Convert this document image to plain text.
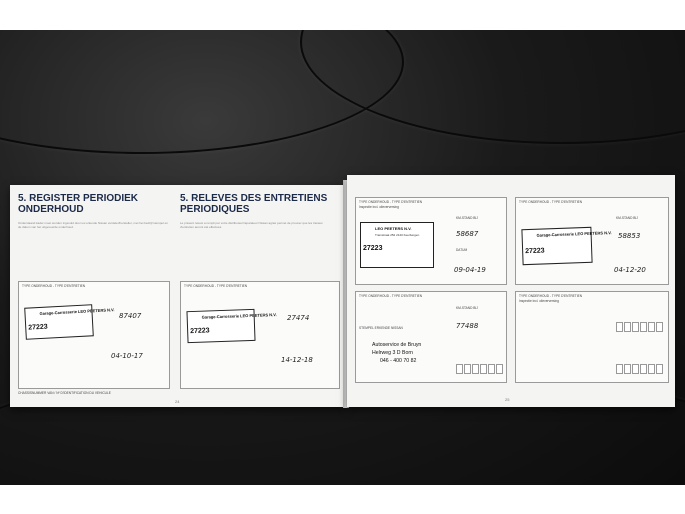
5. REGISTER PERIODIEK ONDERHOUD
5. RELEVES DES ENTRETIENS PERIODIQUES
Onderstaand kader moet worden ingevuld door uw erkende Nissan verdeler/hersteller, met het bedrijf stempel en de datum van het uitgevoerde onderhoud.
Le présent relevé a rempli par votre distributeur/réparateur Nissan agréé permet de prouver que les travaux d'entretien auront été effectués.
TYPE ONDERHOUD - TYPE D'ENTRETIEN
27223
Garage-Carrosserie LEO PEETERS N.V. 87407
04-10-17
TYPE ONDERHOUD - TYPE D'ENTRETIEN
27223
Garage-Carrosserie LEO PEETERS N.V. 27474
14-12-18
CHASSISNUMMER VAN / Nº D'IDENTIFICATION DU VEHICULE
24
TYPE ONDERHOUD - TYPE D'ENTRETIEN
Inspectie incl. olieverversing
LEO PEETERS N.V.
Tramstraat 252 2140 Keerbergen
27223
KM-STAND BIJ
58687
DATUM
09-04-19
TYPE ONDERHOUD - TYPE D'ENTRETIEN
Garage-Carrosserie LEO PEETERS N.V.
27223
KM-STAND BIJ
58853
04-12-20
TYPE ONDERHOUD - TYPE D'ENTRETIEN
STEMPEL ERKENDE NISSAN
Autoservice de Bruyn
Helrweg 3 D Born
046 - 400 70 82
KM-STAND BIJ
77488
TYPE ONDERHOUD - TYPE D'ENTRETIEN
Inspectie incl. olieverversing
25
